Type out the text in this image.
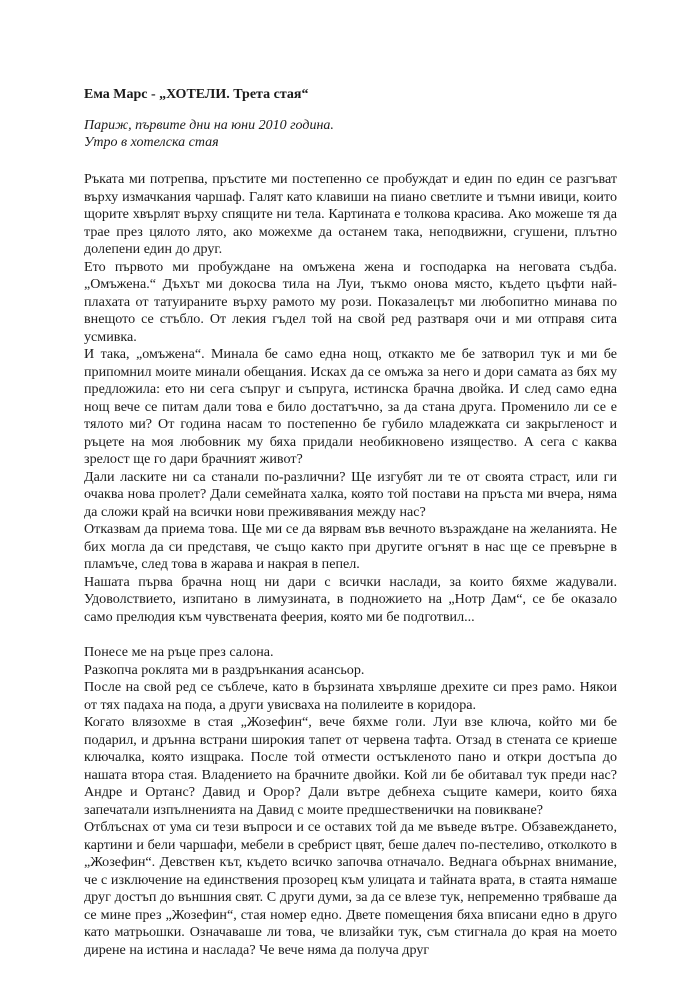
Ема Марс - „ХОТЕЛИ. Трета стая“
Париж, първите дни на юни 2010 година.
Утро в хотелска стая

Ръката ми потрепва, пръстите ми постепенно се пробуждат и един по един се разгъват върху измачкания чаршаф. Галят като клавиши на пиано светлите и тъмни ивици, които щорите хвърлят върху спящите ни тела. Картината е толкова красива. Ако можеше тя да трае през цялото лято, ако можехме да останем така, неподвижни, сгушени, плътно долепени един до друг.

Ето първото ми пробуждане на омъжена жена и господарка на неговата съдба. „Омъжена.“ Дъхът ми докосва тила на Луи, тъкмо онова място, където цъфти най-плахата от татуираните върху рамото му рози. Показалецът ми любопитно минава по внещото се стъбло. От лекия гъдел той на свой ред разтваря очи и ми отправя сита усмивка.

И така, „омъжена“. Минала бе само една нощ, откакто ме бе затворил тук и ми бе припомнил моите минали обещания. Исках да се омъжа за него и дори самата аз бях му предложила: ето ни сега съпруг и съпруга, истинска брачна двойка. И след само една нощ вече се питам дали това е било достатъчно, за да стана друга. Променило ли се е тялото ми? От година насам то постепенно бе губило младежката си закрьгленост и ръцете на моя любовник му бяха придали необикновено изящество. А сега с каква зрелост ще го дари брачният живот?

Дали ласките ни са станали по-различни? Ще изгубят ли те от своята страст, или ги очаква нова пролет? Дали семейната халка, която той постави на пръста ми вчера, няма да сложи край на всички нови преживявания между нас?

Отказвам да приема това. Ще ми се да вярвам във вечното възраждане на желанията. Не бих могла да си представя, че също както при другите огънят в нас ще се превърне в пламъче, след това в жарава и накрая в пепел.

Нашата първа брачна нощ ни дари с всички наслади, за които бяхме жадували. Удоволствието, изпитано в лимузината, в подножието на „Нотр Дам“, се бе оказало само прелюдия към чувствената феерия, която ми бе подготвил...

Понесе ме на ръце през салона.

Разкопча роклята ми в раздрънкания асансьор.

После на свой ред се съблече, като в бързината хвърляше дрехите си през рамо. Някои от тях падаха на пода, а други увисваха на полилеите в коридора.

Когато влязохме в стая „Жозефин“, вече бяхме голи. Луи взе ключа, който ми бе подарил, и дрънна встрани широкия тапет от червена тафта. Отзад в стената се криеше ключалка, която изщрака. После той отмести остъкленото пано и откри достъпа до нашата втора стая. Владението на брачните двойки. Кой ли бе обитавал тук преди нас? Андре и Ортанс? Давид и Орор? Дали вътре дебнеха същите камери, които бяха запечатали изпълненията на Давид с моите предшественички на повикване?

Отблъснах от ума си тези въпроси и се оставих той да ме въведе вътре. Обзавеждането, картини и бели чаршафи, мебели в сребрист цвят, беше далеч по-пестеливо, отколкото в „Жозефин“. Девствен кът, където всичко започва отначало. Веднага обърнах внимание, че с изключение на единствения прозорец към улицата и тайната врата, в стаята нямаше друг достъп до външния свят. С други думи, за да се влезе тук, непременно трябваше да се мине през „Жозефин“, стая номер едно. Двете помещения бяха вписани едно в друго като матрьошки. Означаваше ли това, че влизайки тук, съм стигнала до края на моето дирене на истина и наслада? Че вече няма да получа друг
